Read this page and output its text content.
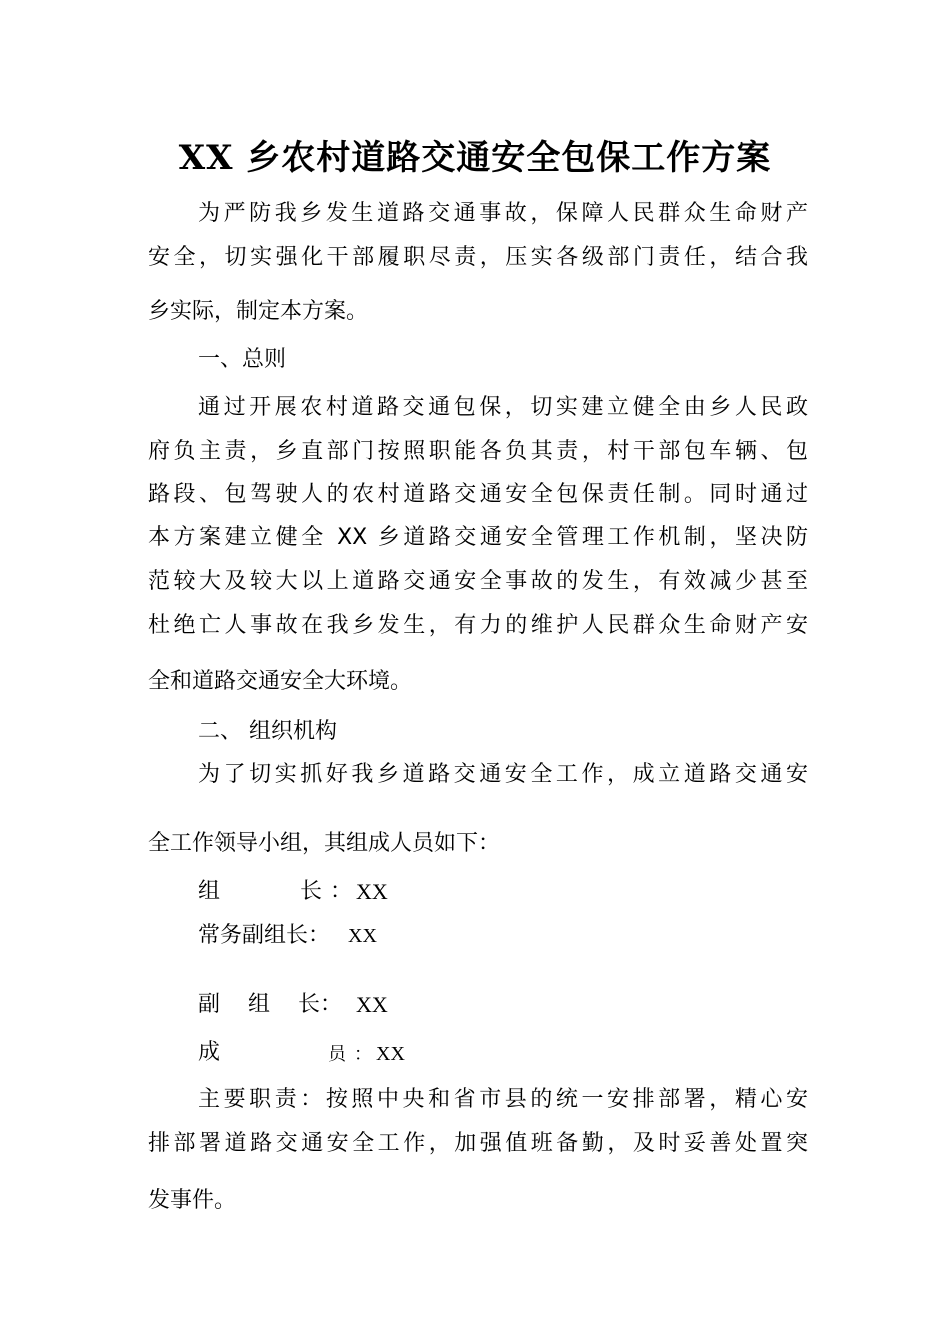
XX 乡农村道路交通安全包保工作方案
为严防我乡发生道路交通事故，保障人民群众生命财产
安全，切实强化干部履职尽责，压实各级部门责任，结合我
乡实际，制定本方案。
一、总则
通过开展农村道路交通包保，切实建立健全由乡人民政
府负主责，乡直部门按照职能各负其责，村干部包车辆、包
路段、包驾驶人的农村道路交通安全包保责任制。同时通过
本方案建立健全 XX 乡道路交通安全管理工作机制，坚决防
范较大及较大以上道路交通安全事故的发生，有效减少甚至
杜绝亡人事故在我乡发生，有力的维护人民群众生命财产安
全和道路交通安全大环境。
二、 组织机构
为了切实抓好我乡道路交通安全工作，成立道路交通安
全工作领导小组，其组成人员如下：
组	长 ： XX
常务副组长： XX
副 组 长： XX
成	员 ： XX
主要职责：按照中央和省市县的统一安排部署，精心安
排部署道路交通安全工作，加强值班备勤，及时妥善处置突
发事件。
